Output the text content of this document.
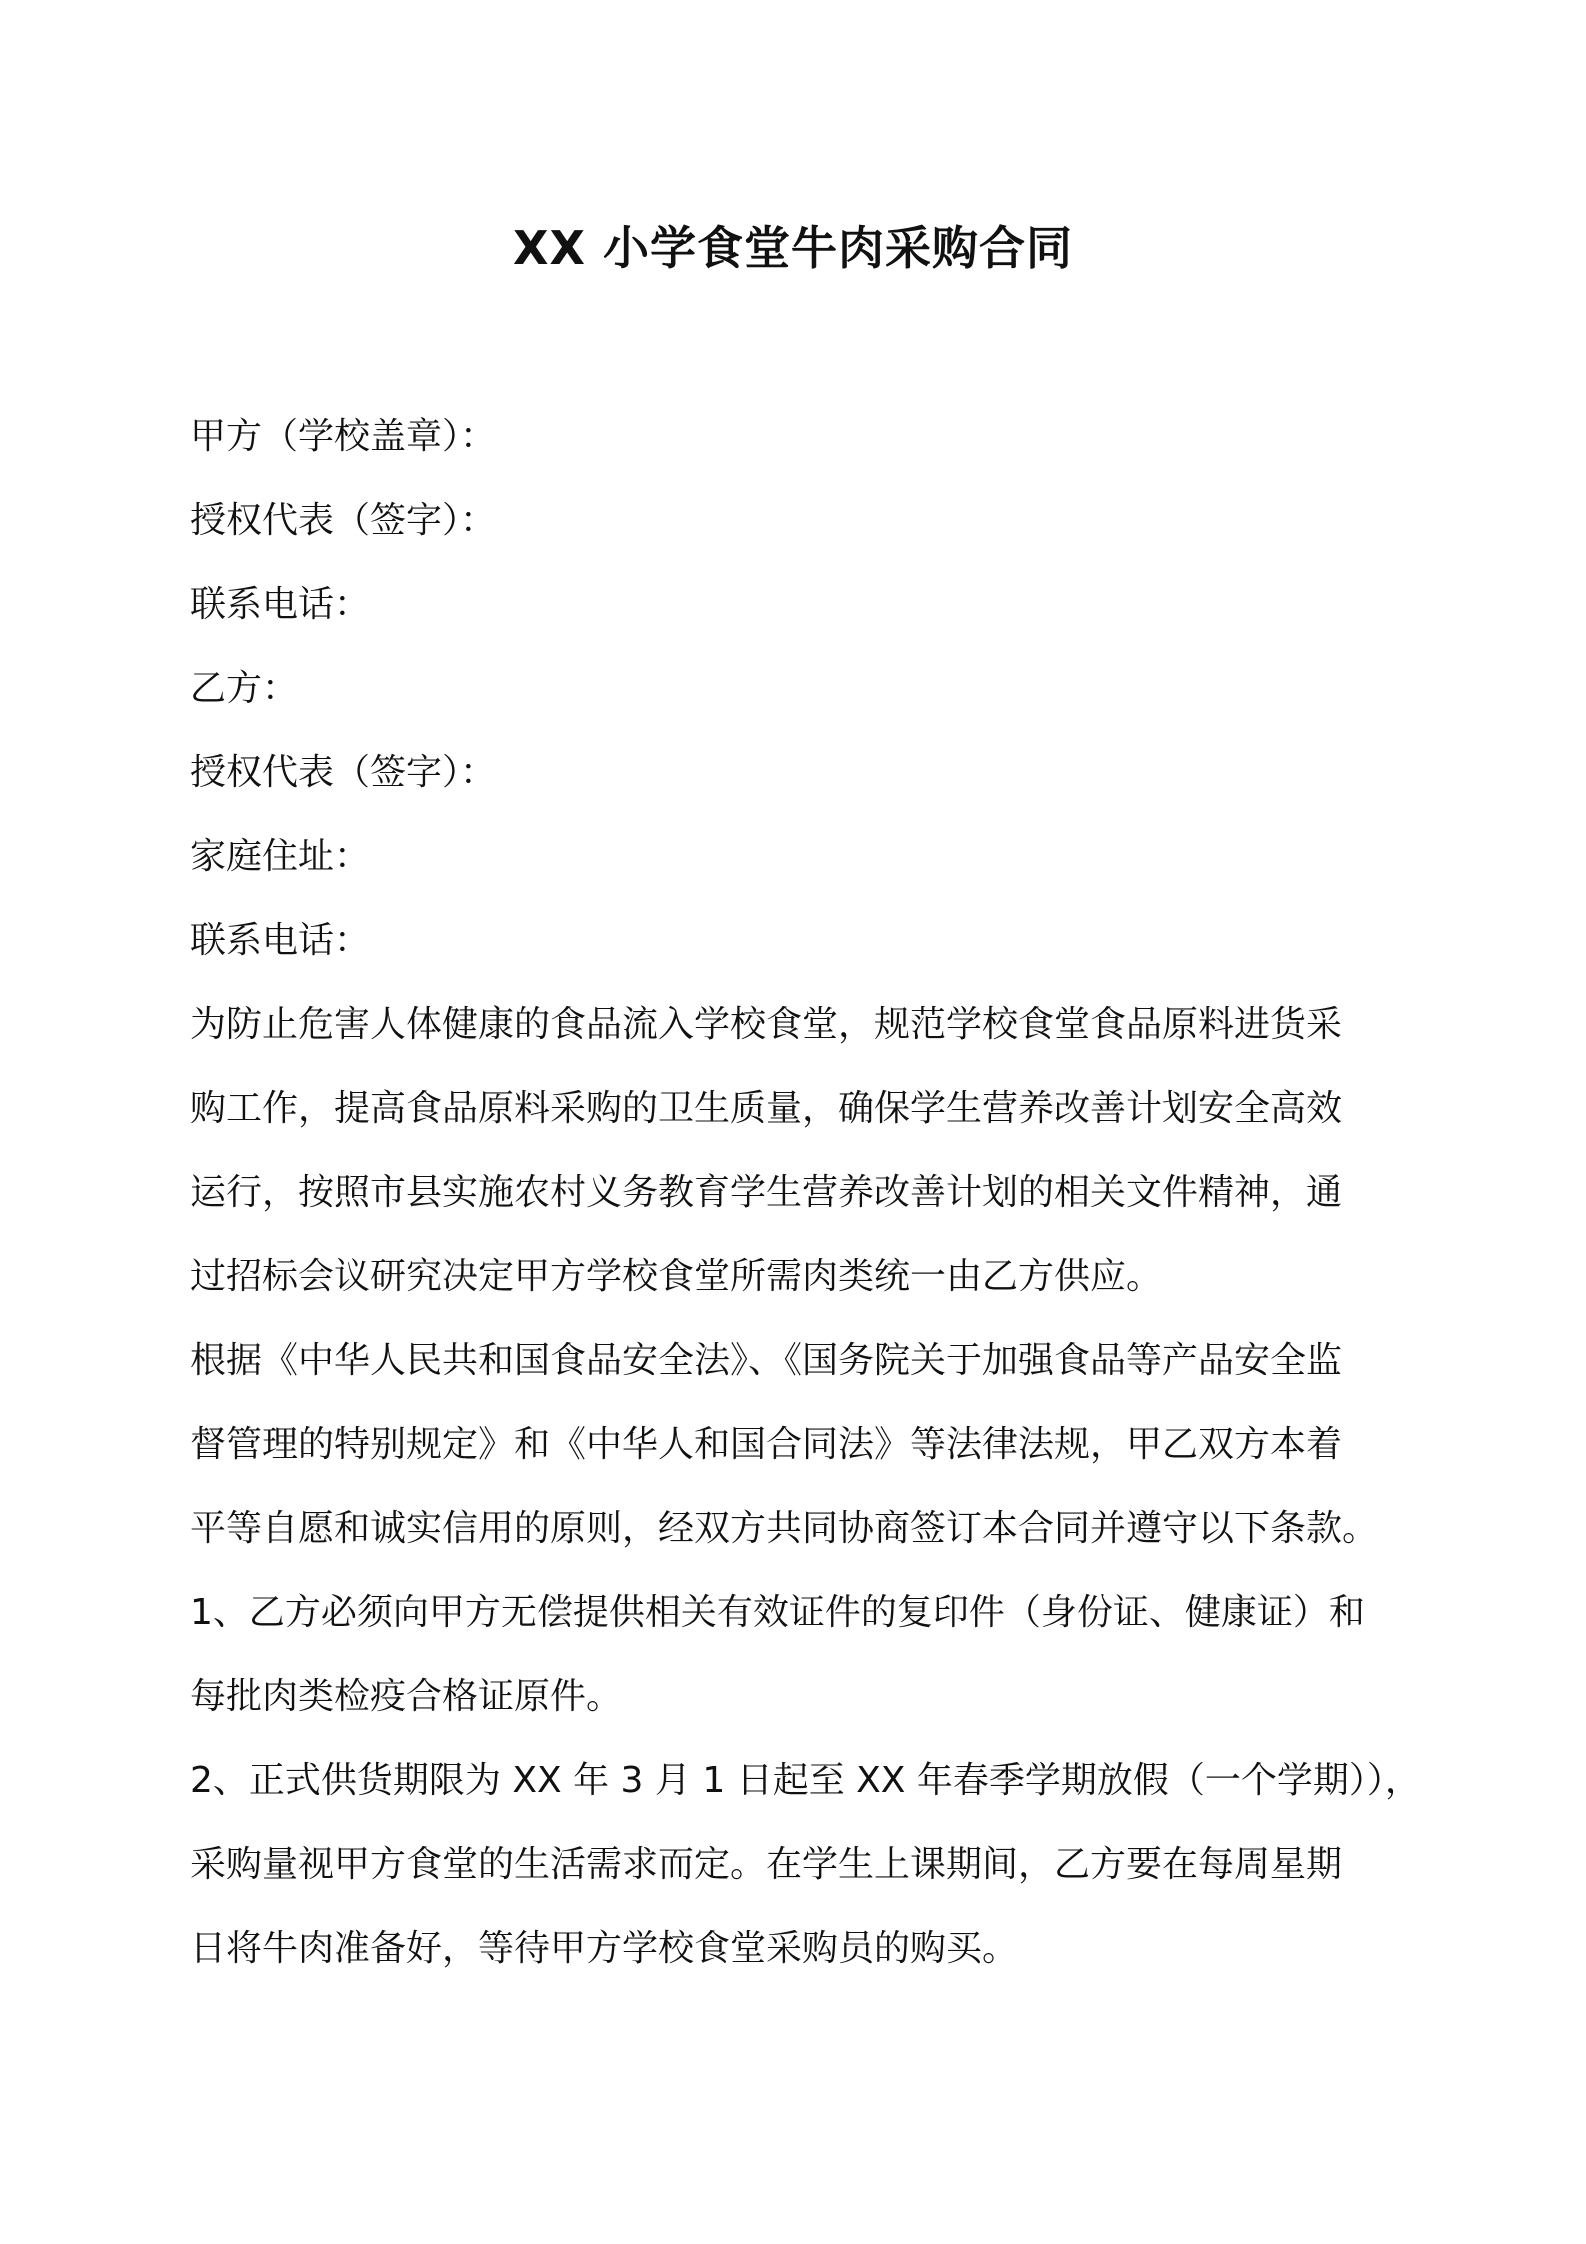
XX 小学食堂牛肉采购合同
甲方（学校盖章）：
授权代表（签字）：
联系电话：
乙方：
授权代表（签字）：
家庭住址：
联系电话：
为防止危害人体健康的食品流入学校食堂，规范学校食堂食品原料进货采
购工作，提高食品原料采购的卫生质量，确保学生营养改善计划安全高效
运行，按照市县实施农村义务教育学生营养改善计划的相关文件精神，通
过招标会议研究决定甲方学校食堂所需肉类统一由乙方供应。
根据《中华人民共和国食品安全法》、《国务院关于加强食品等产品安全监
督管理的特别规定》和《中华人和国合同法》等法律法规，甲乙双方本着
平等自愿和诚实信用的原则，经双方共同协商签订本合同并遵守以下条款。
1、乙方必须向甲方无偿提供相关有效证件的复印件（身份证、健康证）和
每批肉类检疫合格证原件。
2、正式供货期限为 XX 年 3 月 1 日起至 XX 年春季学期放假（一个学期）），
采购量视甲方食堂的生活需求而定。在学生上课期间，乙方要在每周星期
日将牛肉准备好，等待甲方学校食堂采购员的购买。
